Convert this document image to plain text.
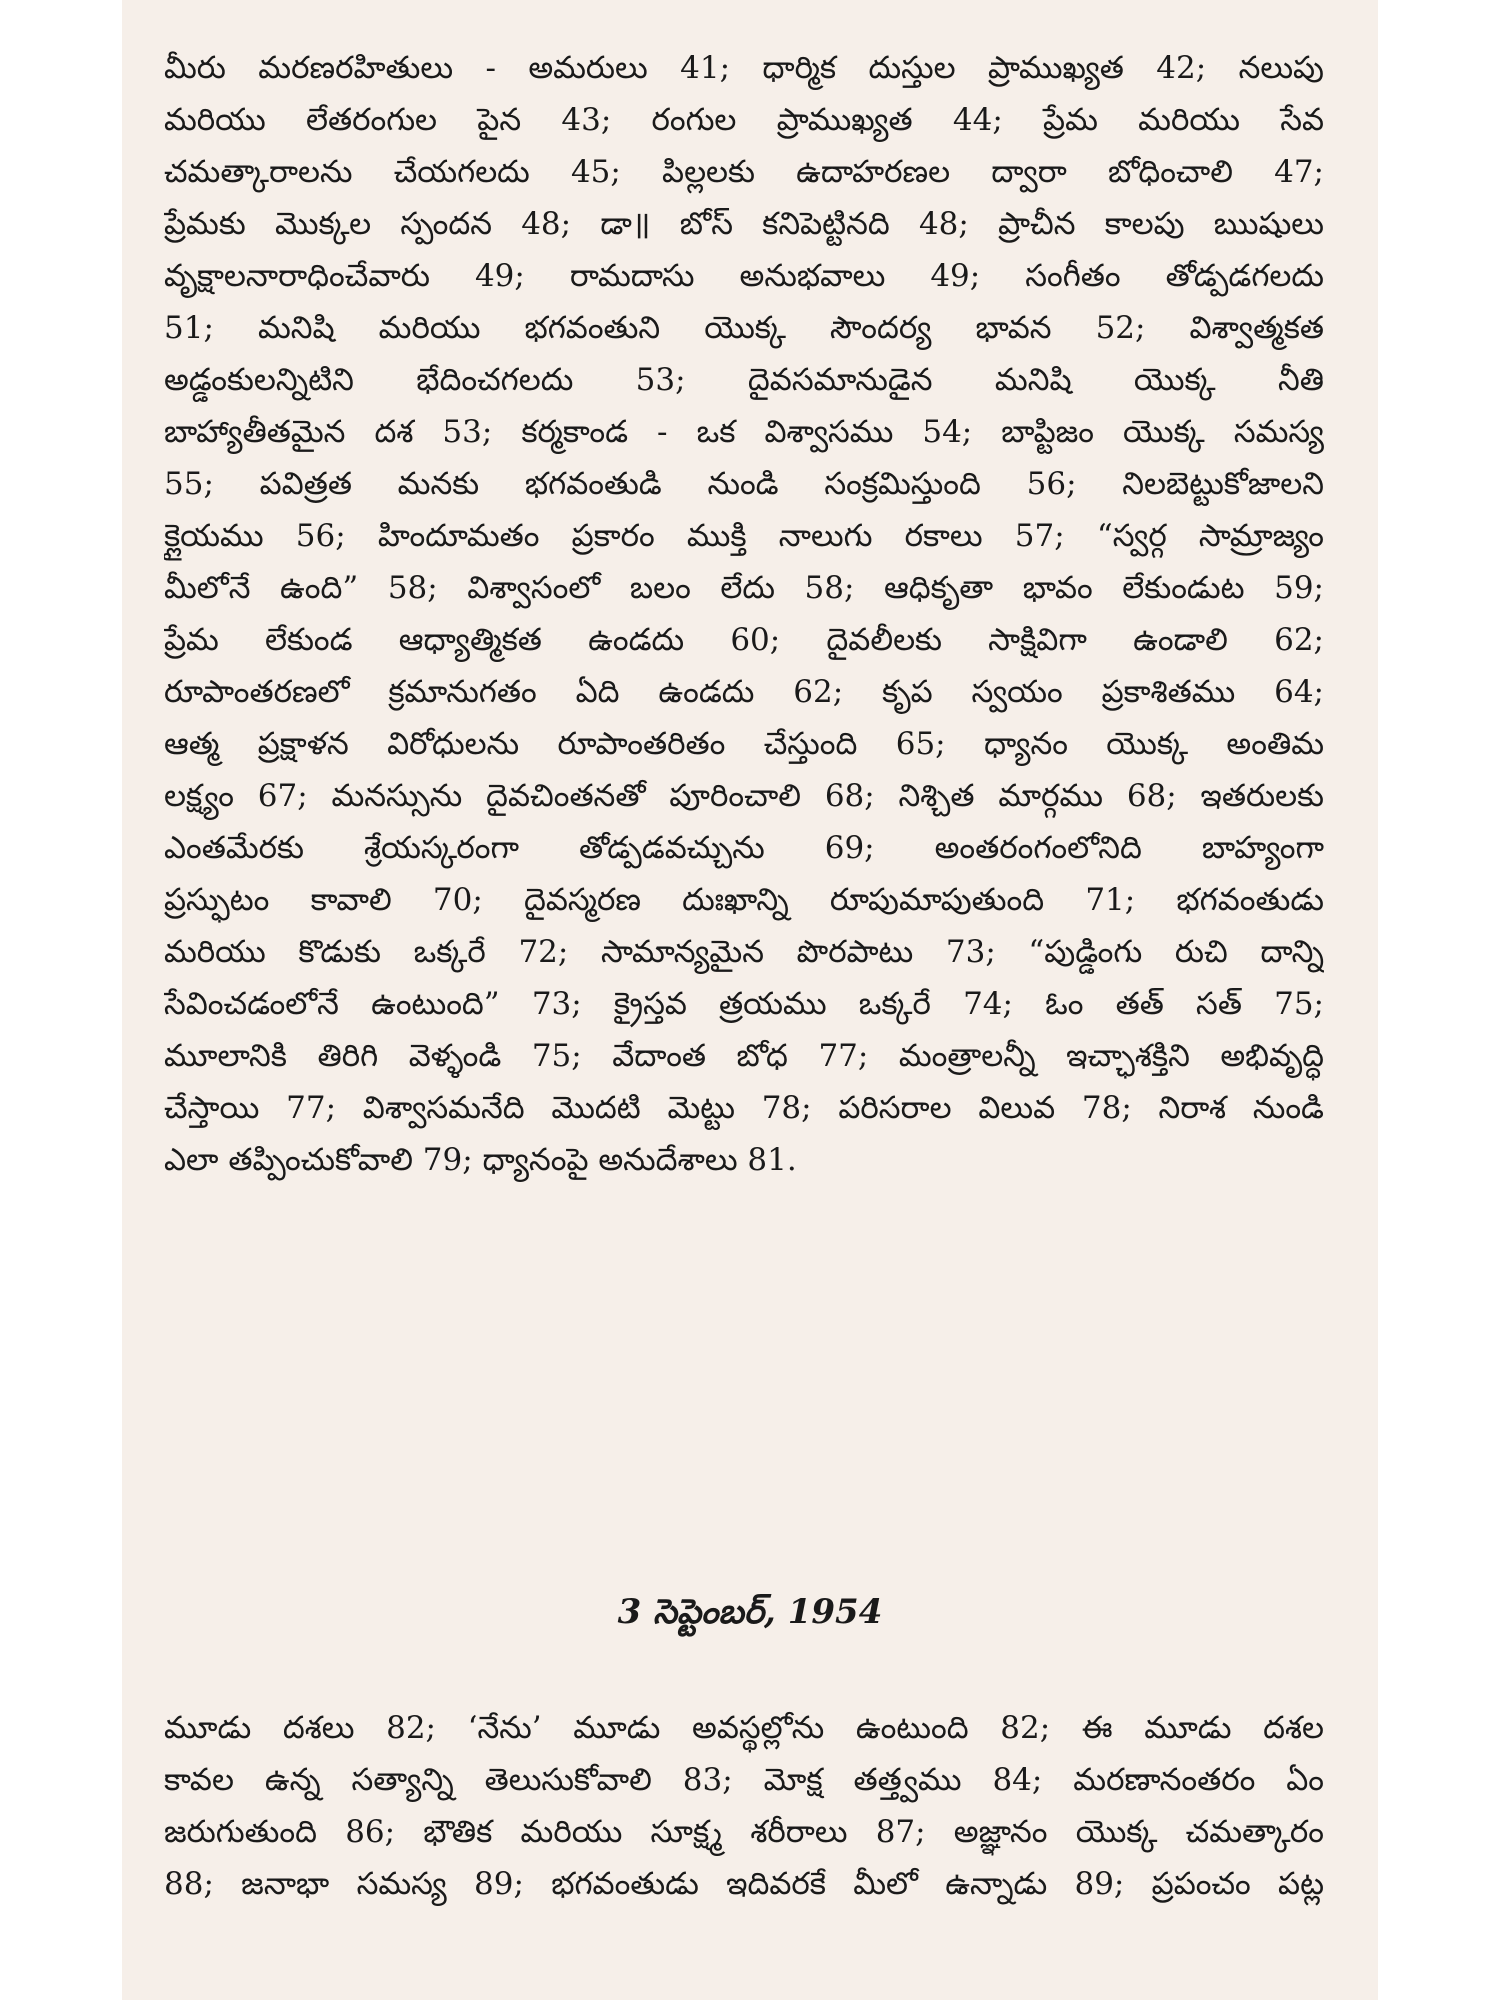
మీరు మరణరహితులు - అమరులు 41; ధార్మిక దుస్తుల ప్రాముఖ్యత 42; నలుపు
మరియు లేతరంగుల పైన 43; రంగుల ప్రాముఖ్యత 44; ప్రేమ మరియు సేవ
చమత్కారాలను చేయగలదు 45; పిల్లలకు ఉదాహరణల ద్వారా బోధించాలి 47;
ప్రేమకు మొక్కల స్పందన 48; డా॥ బోస్ కనిపెట్టినది 48; ప్రాచీన కాలపు ఋషులు
వృక్షాలనారాధించేవారు 49; రామదాసు అనుభవాలు 49; సంగీతం తోడ్పడగలదు
51; మనిషి మరియు భగవంతుని యొక్క సౌందర్య భావన 52; విశ్వాత్మకత
అడ్డంకులన్నిటిని భేదించగలదు 53; దైవసమానుడైన మనిషి యొక్క నీతి
బాహ్యాతీతమైన దశ 53; కర్మకాండ - ఒక విశ్వాసము 54; బాప్టిజం యొక్క సమస్య
55; పవిత్రత మనకు భగవంతుడి నుండి సంక్రమిస్తుంది 56; నిలబెట్టుకోజాలని
క్లైయము 56; హిందూమతం ప్రకారం ముక్తి నాలుగు రకాలు 57; “స్వర్గ సామ్రాజ్యం
మీలోనే ఉంది” 58; విశ్వాసంలో బలం లేదు 58; ఆధికృతా భావం లేకుండుట 59;
ప్రేమ లేకుండ ఆధ్యాత్మికత ఉండదు 60; దైవలీలకు సాక్షివిగా ఉండాలి 62;
రూపాంతరణలో క్రమానుగతం ఏది ఉండదు 62; కృప స్వయం ప్రకాశితము 64;
ఆత్మ ప్రక్షాళన విరోధులను రూపాంతరితం చేస్తుంది 65; ధ్యానం యొక్క అంతిమ
లక్ష్యం 67; మనస్సును దైవచింతనతో పూరించాలి 68; నిశ్చిత మార్గము 68; ఇతరులకు
ఎంతమేరకు శ్రేయస్కరంగా తోడ్పడవచ్చును 69; అంతరంగంలోనిది బాహ్యంగా
ప్రస్ఫుటం కావాలి 70; దైవస్మరణ దుఃఖాన్ని రూపుమాపుతుంది 71; భగవంతుడు
మరియు కొడుకు ఒక్కరే 72; సామాన్యమైన పొరపాటు 73; “పుడ్డింగు రుచి దాన్ని
సేవించడంలోనే ఉంటుంది” 73; క్రైస్తవ త్రయము ఒక్కరే 74; ఓం తత్ సత్ 75;
మూలానికి తిరిగి వెళ్ళండి 75; వేదాంత బోధ 77; మంత్రాలన్నీ ఇచ్ఛాశక్తిని అభివృద్ధి
చేస్తాయి 77; విశ్వాసమనేది మొదటి మెట్టు 78; పరిసరాల విలువ 78; నిరాశ నుండి
ఎలా తప్పించుకోవాలి 79; ధ్యానంపై అనుదేశాలు 81.
3 సెప్టెంబర్, 1954
మూడు దశలు 82; ‘నేను’ మూడు అవస్థల్లోను ఉంటుంది 82; ఈ మూడు దశల
కావల ఉన్న సత్యాన్ని తెలుసుకోవాలి 83; మోక్ష తత్త్వము 84; మరణానంతరం ఏం
జరుగుతుంది 86; భౌతిక మరియు సూక్ష్మ శరీరాలు 87; అజ్ఞానం యొక్క చమత్కారం
88; జనాభా సమస్య 89; భగవంతుడు ఇదివరకే మీలో ఉన్నాడు 89; ప్రపంచం పట్ల
